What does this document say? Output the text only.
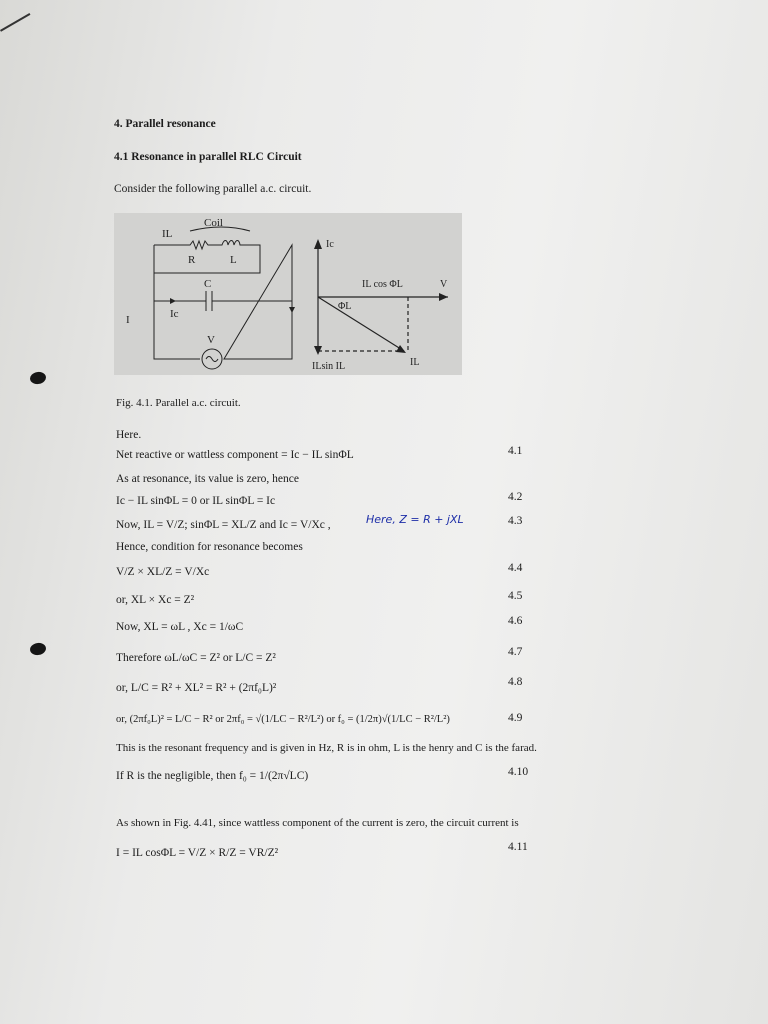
4. Parallel resonance
4.1 Resonance in parallel RLC Circuit
Consider the following parallel a.c. circuit.
Coil
IL
R	L
C
Ic
I
V
Ic
IL cos ΦL	V
ΦL
IL
ILsin IL
Fig. 4.1. Parallel a.c. circuit.
Here.
Net reactive or wattless component = Ic − IL sinΦL	4.1
As at resonance, its value is zero, hence
Ic − IL sinΦL = 0 or IL sinΦL = Ic	4.2
Now, IL = V/Z; sinΦL = XL/Z and Ic = V/Xc ,	Here, Z = R + jXL	4.3
Hence, condition for resonance becomes
V/Z × XL/Z = V/Xc	4.4
or, XL × Xc = Z²	4.5
Now, XL = ωL , Xc = 1/ωC	4.6
Therefore ωL/ωC = Z² or L/C = Z²	4.7
or, L/C = R² + XL² = R² + (2πf₀L)²	4.8
or, (2πf₀L)² = L/C − R² or 2πf₀ = √(1/LC − R²/L²) or f₀ = (1/2π)√(1/LC − R²/L²)	4.9
This is the resonant frequency and is given in Hz, R is in ohm, L is the henry and C is the farad.
If R is the negligible, then f₀ = 1/(2π√LC)	4.10
As shown in Fig. 4.41, since wattless component of the current is zero, the circuit current is
I = IL cosΦL = V/Z × R/Z = VR/Z²	4.11
